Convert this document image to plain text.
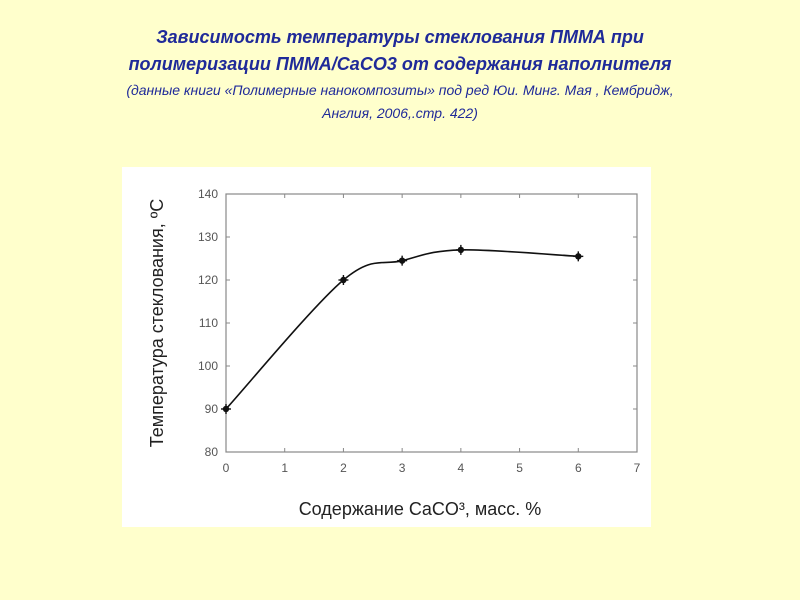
Зависимость температуры стеклования ПММА при
полимеризации ПММА/CaCO3 от содержания наполнителя
(данные книги «Полимерные нанокомпозиты» под ред Юи. Минг. Мая , Кембридж,
Англия, 2006,.стр. 422)
80
90
100
110
120
130
140
0	1	2	3	4	5	6	7
Температура стеклования, ºС
Содержание CaCO³, масс. %
